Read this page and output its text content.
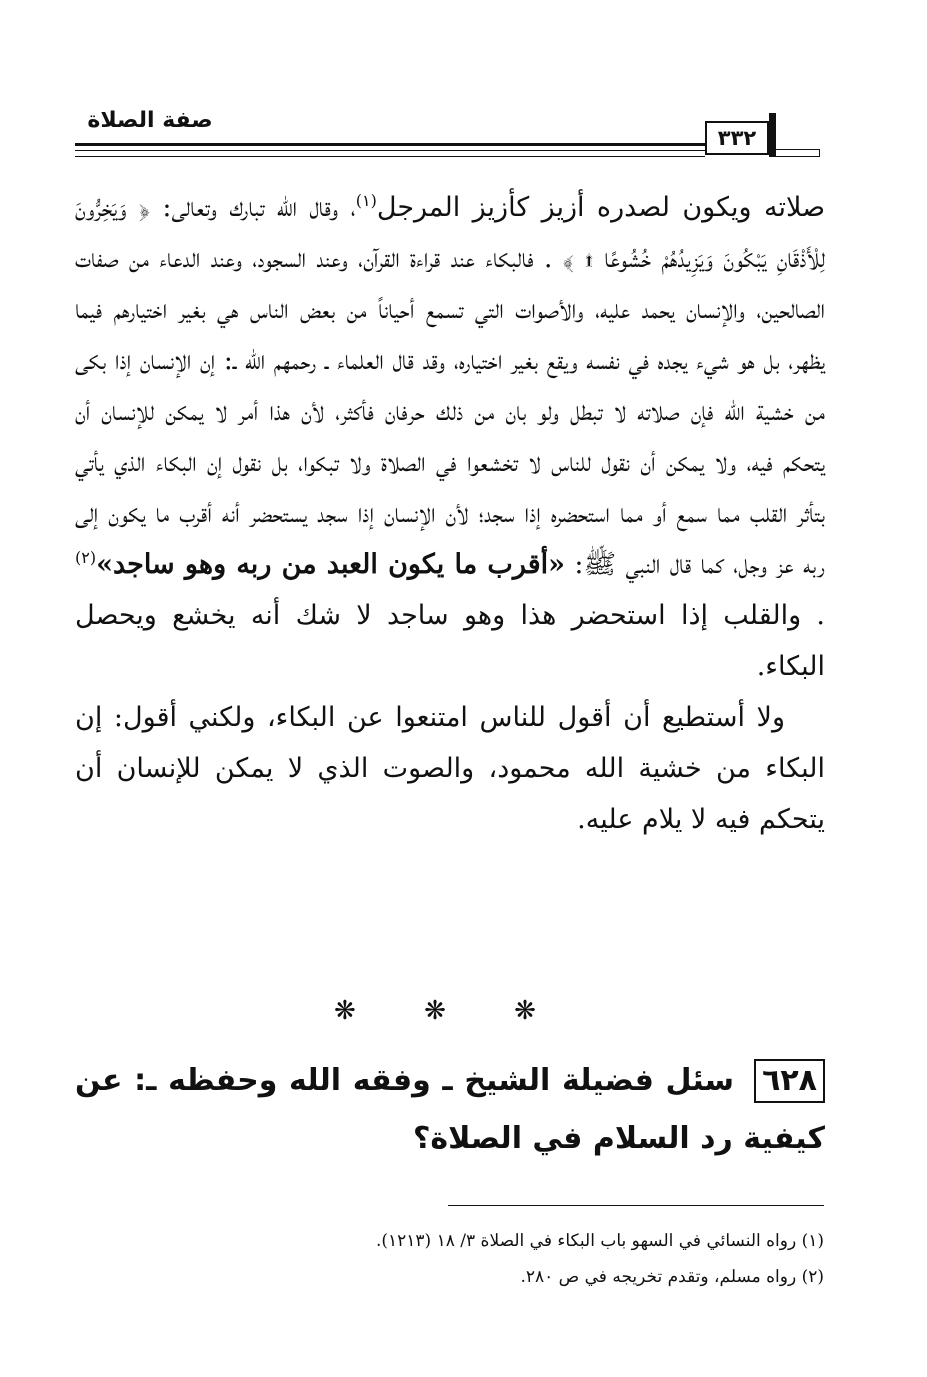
صفة الصلاة
٣٣٢

صلاته ويكون لصدره أزيز كأزيز المرجل$^{(١)}$، وقال الله تبارك وتعالى: ﴿ وَيَخِرُّونَ لِلْأَذْقَانِ يَبْكُونَ وَيَزِيدُهُمْ خُشُوعًا ۩ ﴾ . فالبكاء عند قراءة القرآن، وعند السجود، وعند الدعاء من صفات الصالحين، والإنسان يحمد عليه، والأصوات التي تسمع أحياناً من بعض الناس هي بغير اختيارهم فيما يظهر، بل هو شيء يجده في نفسه ويقع بغير اختياره، وقد قال العلماء ـ رحمهم الله ـ: إن الإنسان إذا بكى من خشية الله فإن صلاته لا تبطل ولو بان من ذلك حرفان فأكثر، لأن هذا أمر لا يمكن للإنسان أن يتحكم فيه، ولا يمكن أن نقول للناس لا تخشعوا في الصلاة ولا تبكوا، بل نقول إن البكاء الذي يأتي بتأثر القلب مما سمع أو مما استحضره إذا سجد؛ لأن الإنسان إذا سجد يستحضر أنه أقرب ما يكون إلى ربه عز وجل، كما قال النبي ﷺ: «أقرب ما يكون العبد من ربه وهو ساجد»$^{(٢)}$ . والقلب إذا استحضر هذا وهو ساجد لا شك أنه يخشع ويحصل البكاء.

ولا أستطيع أن أقول للناس امتنعوا عن البكاء، ولكني أقول: إن البكاء من خشية الله محمود، والصوت الذي لا يمكن للإنسان أن يتحكم فيه لا يلام عليه.

❋ ❋ ❋
٦٢٨سئل فضيلة الشيخ ـ وفقه الله وحفظه ـ: عن كيفية رد السلام في الصلاة؟
(١) رواه النسائي في السهو باب البكاء في الصلاة ٣/ ١٨ (١٢١٣).
(٢) رواه مسلم، وتقدم تخريجه في ص ٢٨٠.
